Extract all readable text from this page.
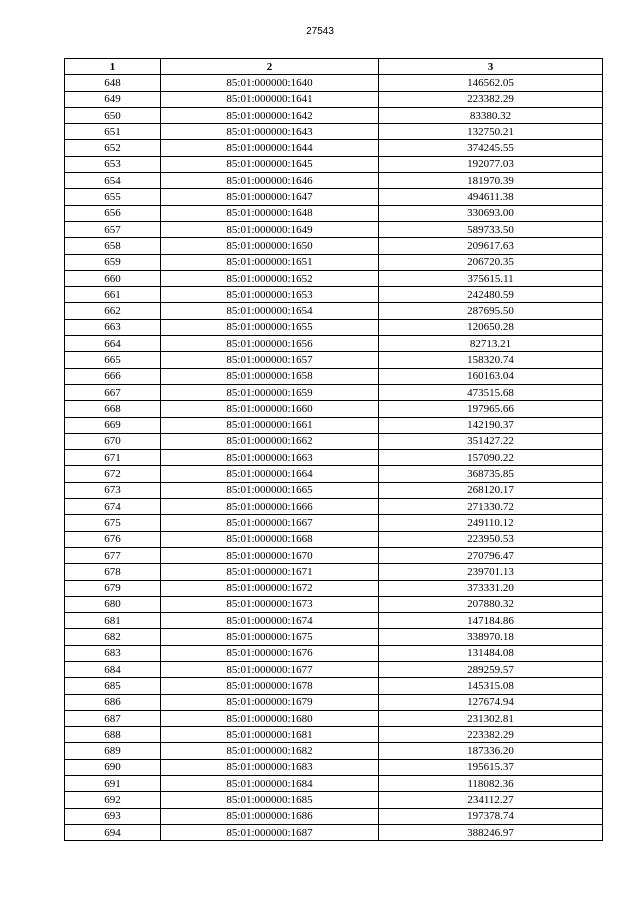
27543
1	2	3
648	85:01:000000:1640	146562.05
649	85:01:000000:1641	223382.29
650	85:01:000000:1642	83380.32
651	85:01:000000:1643	132750.21
652	85:01:000000:1644	374245.55
653	85:01:000000:1645	192077.03
654	85:01:000000:1646	181970.39
655	85:01:000000:1647	494611.38
656	85:01:000000:1648	330693.00
657	85:01:000000:1649	589733.50
658	85:01:000000:1650	209617.63
659	85:01:000000:1651	206720.35
660	85:01:000000:1652	375615.11
661	85:01:000000:1653	242480.59
662	85:01:000000:1654	287695.50
663	85:01:000000:1655	120650.28
664	85:01:000000:1656	82713.21
665	85:01:000000:1657	158320.74
666	85:01:000000:1658	160163.04
667	85:01:000000:1659	473515.68
668	85:01:000000:1660	197965.66
669	85:01:000000:1661	142190.37
670	85:01:000000:1662	351427.22
671	85:01:000000:1663	157090.22
672	85:01:000000:1664	368735.85
673	85:01:000000:1665	268120.17
674	85:01:000000:1666	271330.72
675	85:01:000000:1667	249110.12
676	85:01:000000:1668	223950.53
677	85:01:000000:1670	270796.47
678	85:01:000000:1671	239701.13
679	85:01:000000:1672	373331.20
680	85:01:000000:1673	207880.32
681	85:01:000000:1674	147184.86
682	85:01:000000:1675	338970.18
683	85:01:000000:1676	131484.08
684	85:01:000000:1677	289259.57
685	85:01:000000:1678	145315.08
686	85:01:000000:1679	127674.94
687	85:01:000000:1680	231302.81
688	85:01:000000:1681	223382.29
689	85:01:000000:1682	187336.20
690	85:01:000000:1683	195615.37
691	85:01:000000:1684	118082.36
692	85:01:000000:1685	234112.27
693	85:01:000000:1686	197378.74
694	85:01:000000:1687	388246.97
